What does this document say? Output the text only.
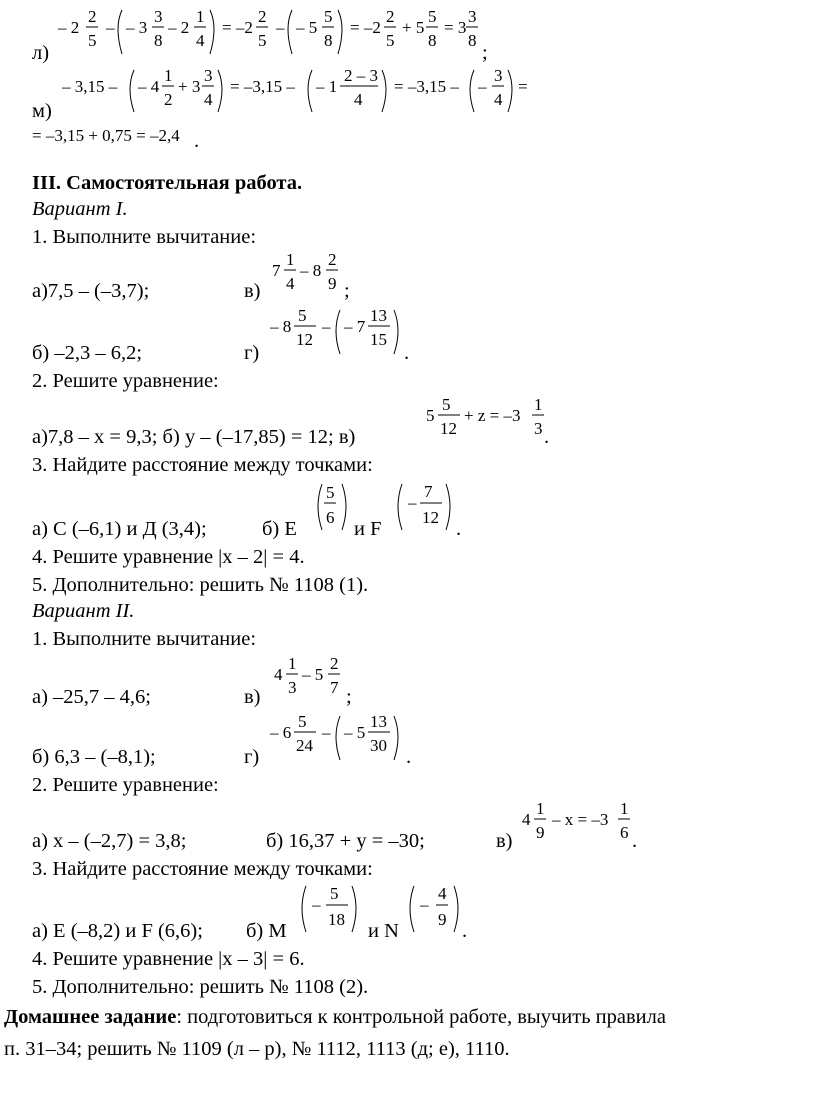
л)
– 2
2
5
– – 3
3
8
– 2
1
4
= –2
2
5
– – 5
5
8
= –2
2
5
+ 5
5
8
= 3
3
8
;
м)
– 3,15 – – 4
1
2
+ 3
3
4
= –3,15 – – 1
2 – 3
4
= –3,15 – –
3
4
=
= –3,15 + 0,75 = –2,4 .
III. Самостоятельная работа.
Вариант I.
1. Выполните вычитание:
а)7,5 – (–3,7);	в)
7
1
4
– 8
2
9 ;
б) –2,3 – 6,2;	г)
– 8
5
12
– – 7
13
15
.
2. Решите уравнение:
а)7,8 – x = 9,3; б) y – (–17,85) = 12; в)
5
5
12
+ z = –3
1
3 .
3. Найдите расстояние между точками:
а) С (–6,1) и Д (3,4);	б) Е
5
6
и F
–
7
12
.
4. Решите уравнение |x – 2| = 4.
5. Дополнительно: решить № 1108 (1).
Вариант II.
1. Выполните вычитание:
а) –25,7 – 4,6;	в)
4
1
3
– 5
2
7 ;
б) 6,3 – (–8,1);	г)
– 6
5
24
– – 5
13
30
.
2. Решите уравнение:
а) x – (–2,7) = 3,8;	б) 16,37 + y = –30;	в)
4
1
9
– x = –3
1
6 .
3. Найдите расстояние между точками:
а) Е (–8,2) и F (6,6); б) М
–
5
18
и N
–
4
9
.
4. Решите уравнение |x – 3| = 6.
5. Дополнительно: решить № 1108 (2).
Домашнее задание: подготовиться к контрольной работе, выучить правила
п. 31–34; решить № 1109 (л – р), № 1112, 1113 (д; е), 1110.
